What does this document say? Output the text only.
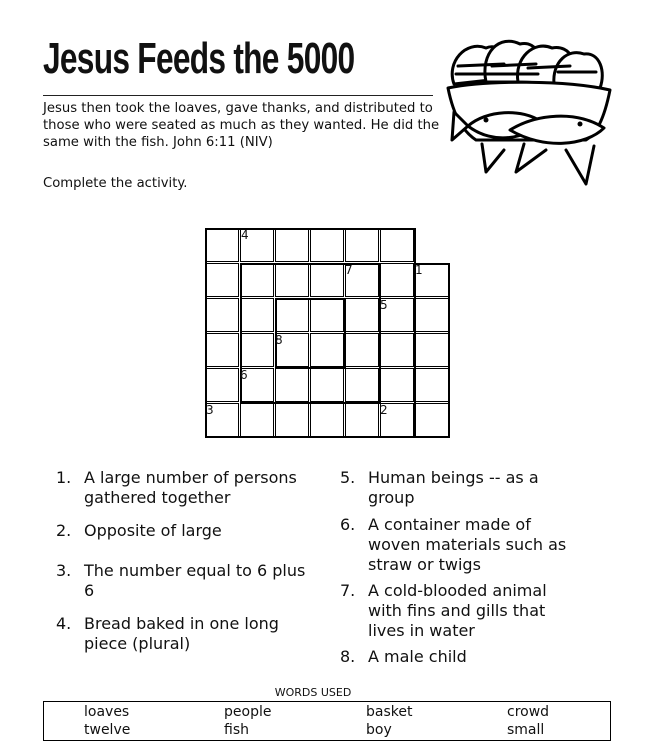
Jesus Feeds the 5000
Jesus then took the loaves, gave thanks, and distributed to those who were seated as much as they wanted. He did the same with the fish. John 6:11 (NIV)
Complete the activity.
4
7	1
5
8
6
3	2
1. A large number of persons gathered together
2. Opposite of large
3. The number equal to 6 plus 6
4. Bread baked in one long piece (plural)
5. Human beings -- as a group
6. A container made of woven materials such as straw or twigs
7. A cold-blooded animal with fins and gills that lives in water
8. A male child
WORDS USED
loaves	people	basket	crowd
twelve	fish	boy	small
